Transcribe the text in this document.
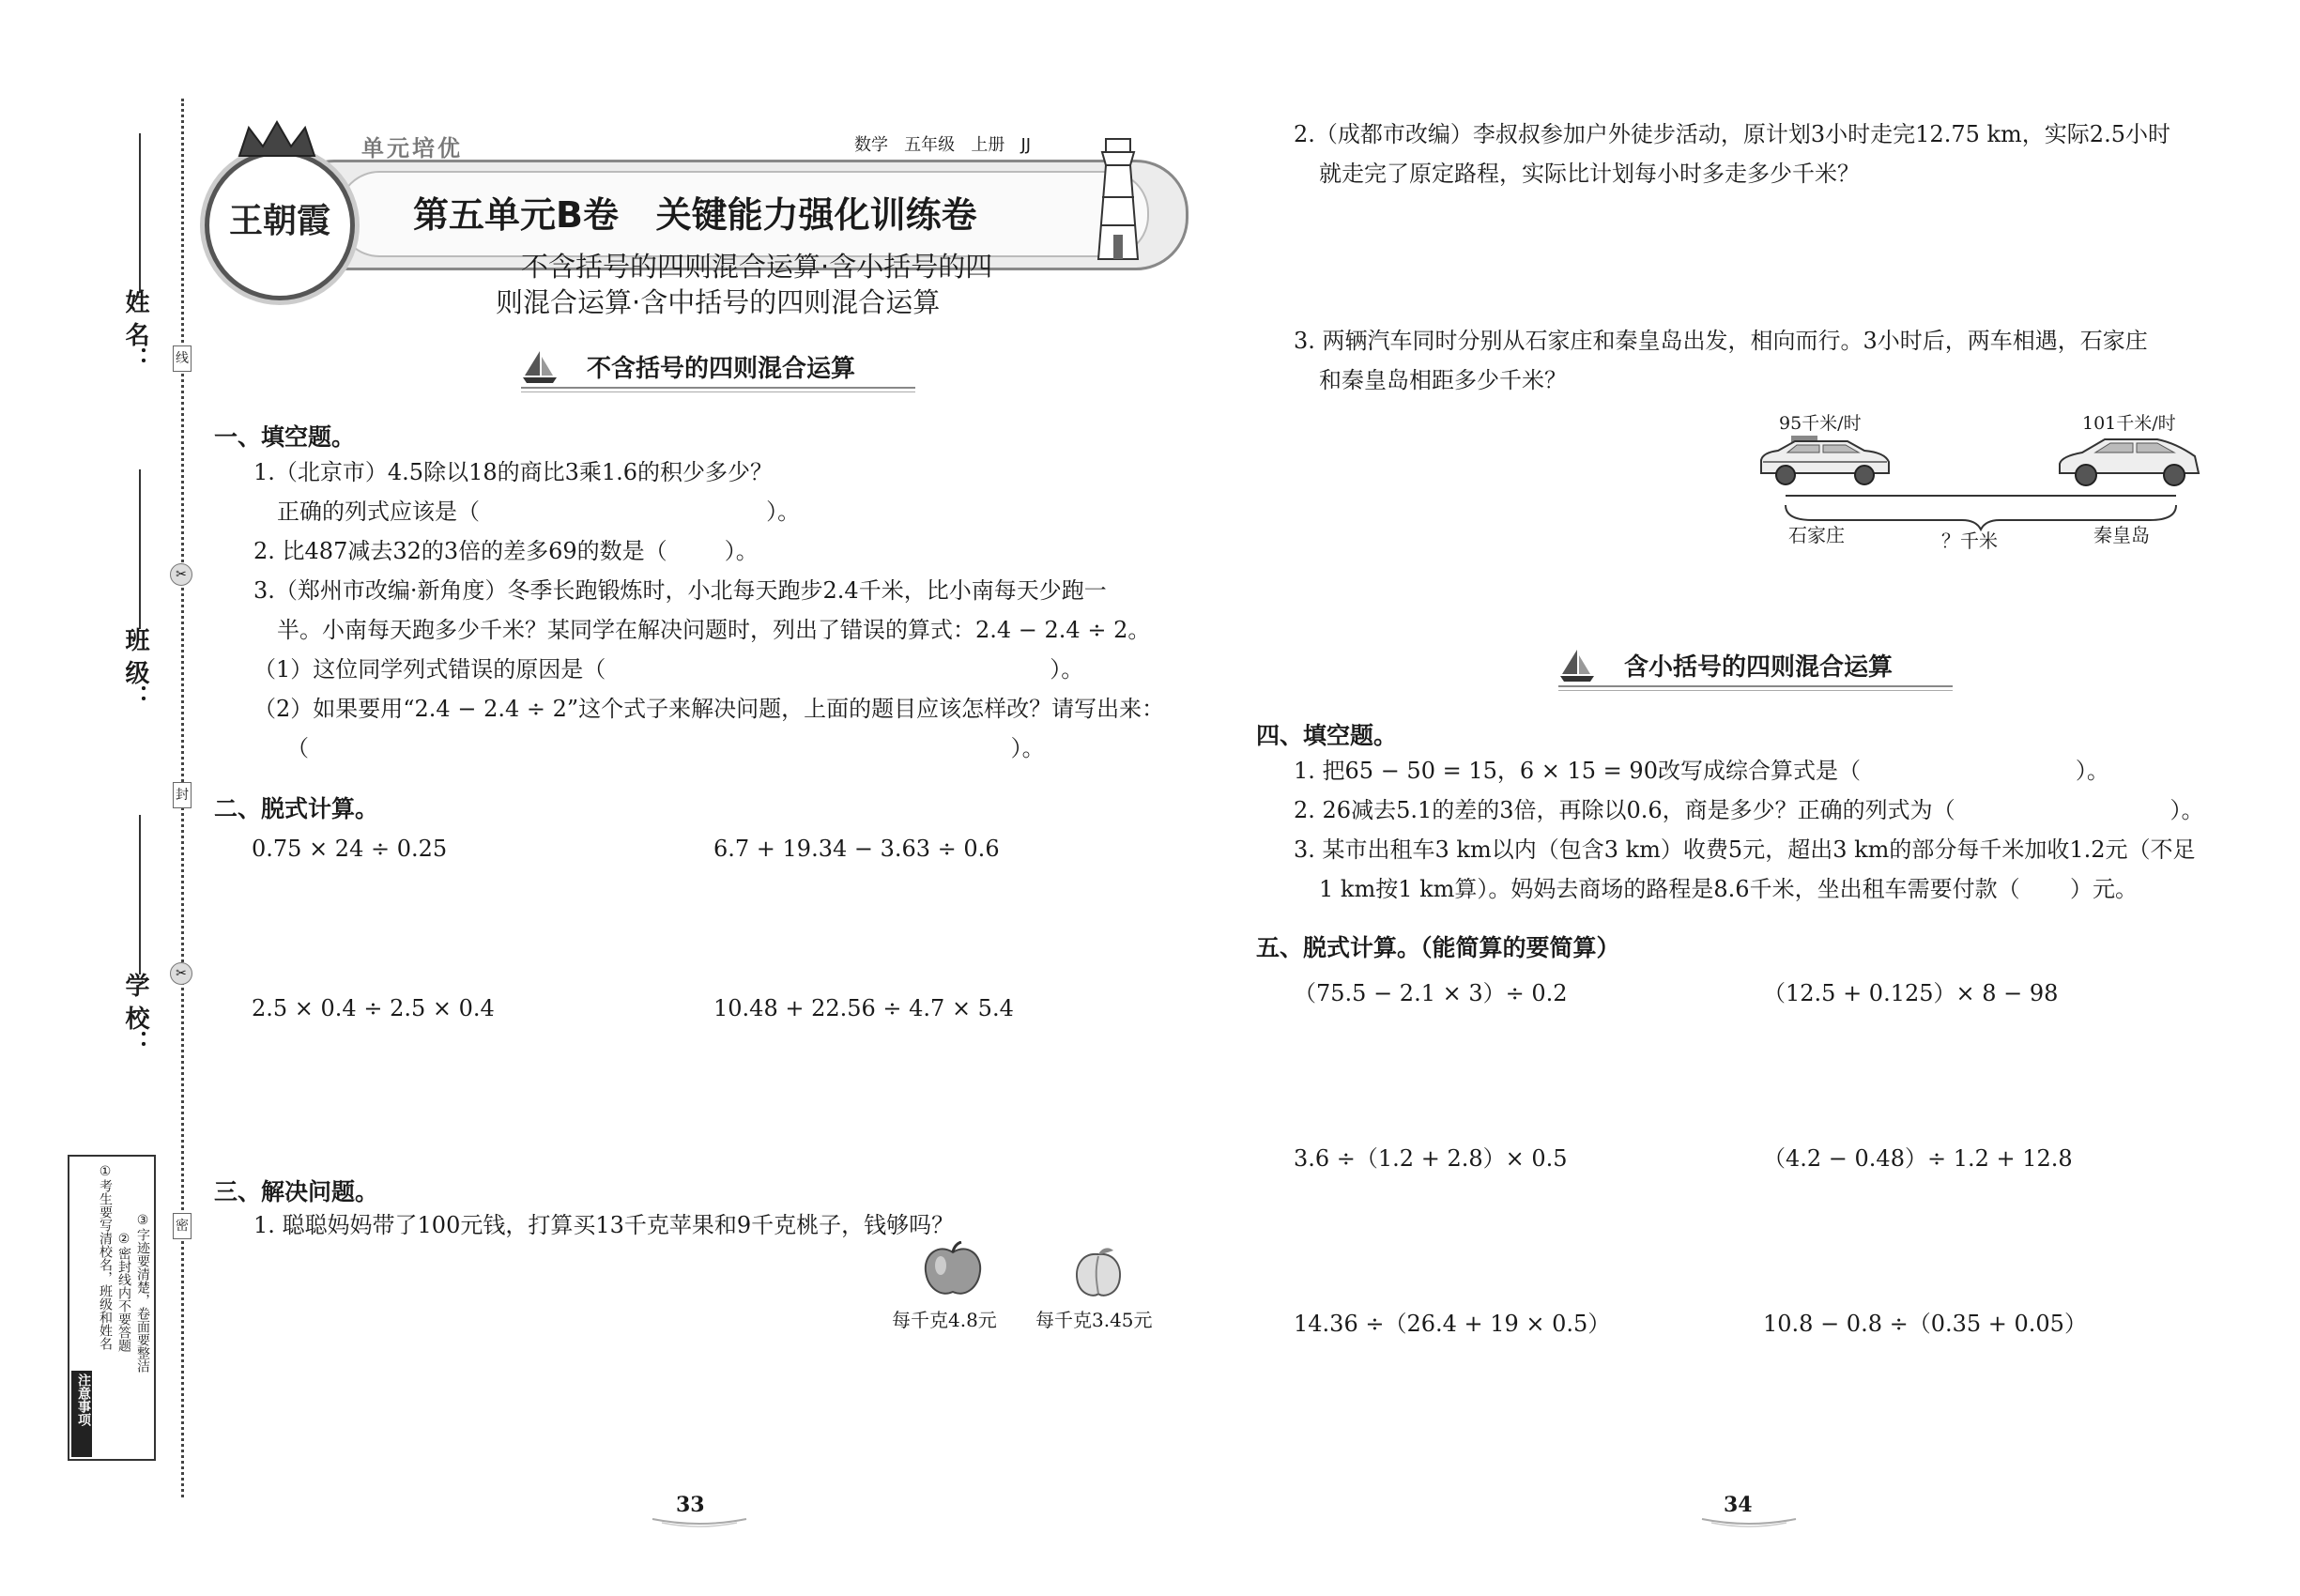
姓 名：
班 级：
学 校：
线
封
密
✂
✂
注意事项
①考生要写清校名，班级和姓名 ②密封线内不要答题 ③字迹要清楚，卷面要整洁
王朝霞
单元培优	数学   五年级   上册   JJ
第五单元B卷   关键能力强化训练卷
不含括号的四则混合运算·含小括号的四
则混合运算·含中括号的四则混合运算
不含括号的四则混合运算
一、填空题。
1.（北京市）4.5除以18的商比3乘1.6的积少多少？
正确的列式应该是（                                        ）。
2. 比487减去32的3倍的差多69的数是（        ）。
3.（郑州市改编·新角度）冬季长跑锻炼时，小北每天跑步2.4千米，比小南每天少跑一
半。小南每天跑多少千米？某同学在解决问题时，列出了错误的算式：2.4 − 2.4 ÷ 2。
（1）这位同学列式错误的原因是（                                                              ）。
（2）如果要用“2.4 − 2.4 ÷ 2”这个式子来解决问题，上面的题目应该怎样改？请写出来：
（                                                                                                  ）。
二、脱式计算。
0.75 × 24 ÷ 0.25	6.7 + 19.34 − 3.63 ÷ 0.6
2.5 × 0.4 ÷ 2.5 × 0.4	10.48 + 22.56 ÷ 4.7 × 5.4
三、解决问题。
1. 聪聪妈妈带了100元钱，打算买13千克苹果和9千克桃子，钱够吗？
每千克4.8元 每千克3.45元
33
2.（成都市改编）李叔叔参加户外徒步活动，原计划3小时走完12.75 km，实际2.5小时
就走完了原定路程，实际比计划每小时多走多少千米？
3. 两辆汽车同时分别从石家庄和秦皇岛出发，相向而行。3小时后，两车相遇，石家庄
和秦皇岛相距多少千米？
95千米/时	101千米/时
石家庄	？千米	秦皇岛
含小括号的四则混合运算
四、填空题。
1. 把65 − 50 = 15，6 × 15 = 90改写成综合算式是（                              ）。
2. 26减去5.1的差的3倍，再除以0.6，商是多少？正确的列式为（                              ）。
3. 某市出租车3 km以内（包含3 km）收费5元，超出3 km的部分每千米加收1.2元（不足
1 km按1 km算）。妈妈去商场的路程是8.6千米，坐出租车需要付款（       ）元。
五、脱式计算。（能简算的要简算）
（75.5 − 2.1 × 3）÷ 0.2	（12.5 + 0.125）× 8 − 98
3.6 ÷（1.2 + 2.8）× 0.5	（4.2 − 0.48）÷ 1.2 + 12.8
14.36 ÷（26.4 + 19 × 0.5）	10.8 − 0.8 ÷（0.35 + 0.05）
34
